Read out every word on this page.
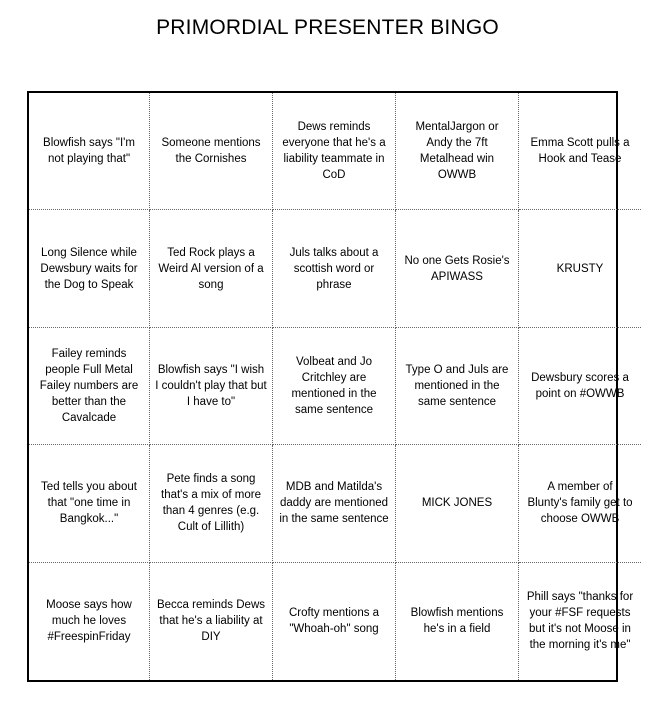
PRIMORDIAL PRESENTER BINGO
Blowfish says "I'm not playing that"
Someone mentions the Cornishes
Dews reminds everyone that he's a liability teammate in CoD
MentalJargon or Andy the 7ft Metalhead win OWWB
Emma Scott pulls a Hook and Tease
Long Silence while Dewsbury waits for the Dog to Speak
Ted Rock plays a Weird Al version of a song
Juls talks about a scottish word or phrase
No one Gets Rosie's APIWASS
KRUSTY
Failey reminds people Full Metal Failey numbers are better than the Cavalcade
Blowfish says "I wish I couldn't play that but I have to"
Volbeat and Jo Critchley are mentioned in the same sentence
Type O and Juls are mentioned in the same sentence
Dewsbury scores a point on #OWWB
Ted tells you about that "one time in Bangkok..."
Pete finds a song that's a mix of more than 4 genres (e.g. Cult of Lillith)
MDB and Matilda's daddy are mentioned in the same sentence
MICK JONES
A member of Blunty's family get to choose OWWB
Moose says how much he loves #FreespinFriday
Becca reminds Dews that he's a liability at DIY
Crofty mentions a "Whoah-oh" song
Blowfish mentions he's in a field
Phill says "thanks for your #FSF requests but it's not Moose in the morning it's me"
